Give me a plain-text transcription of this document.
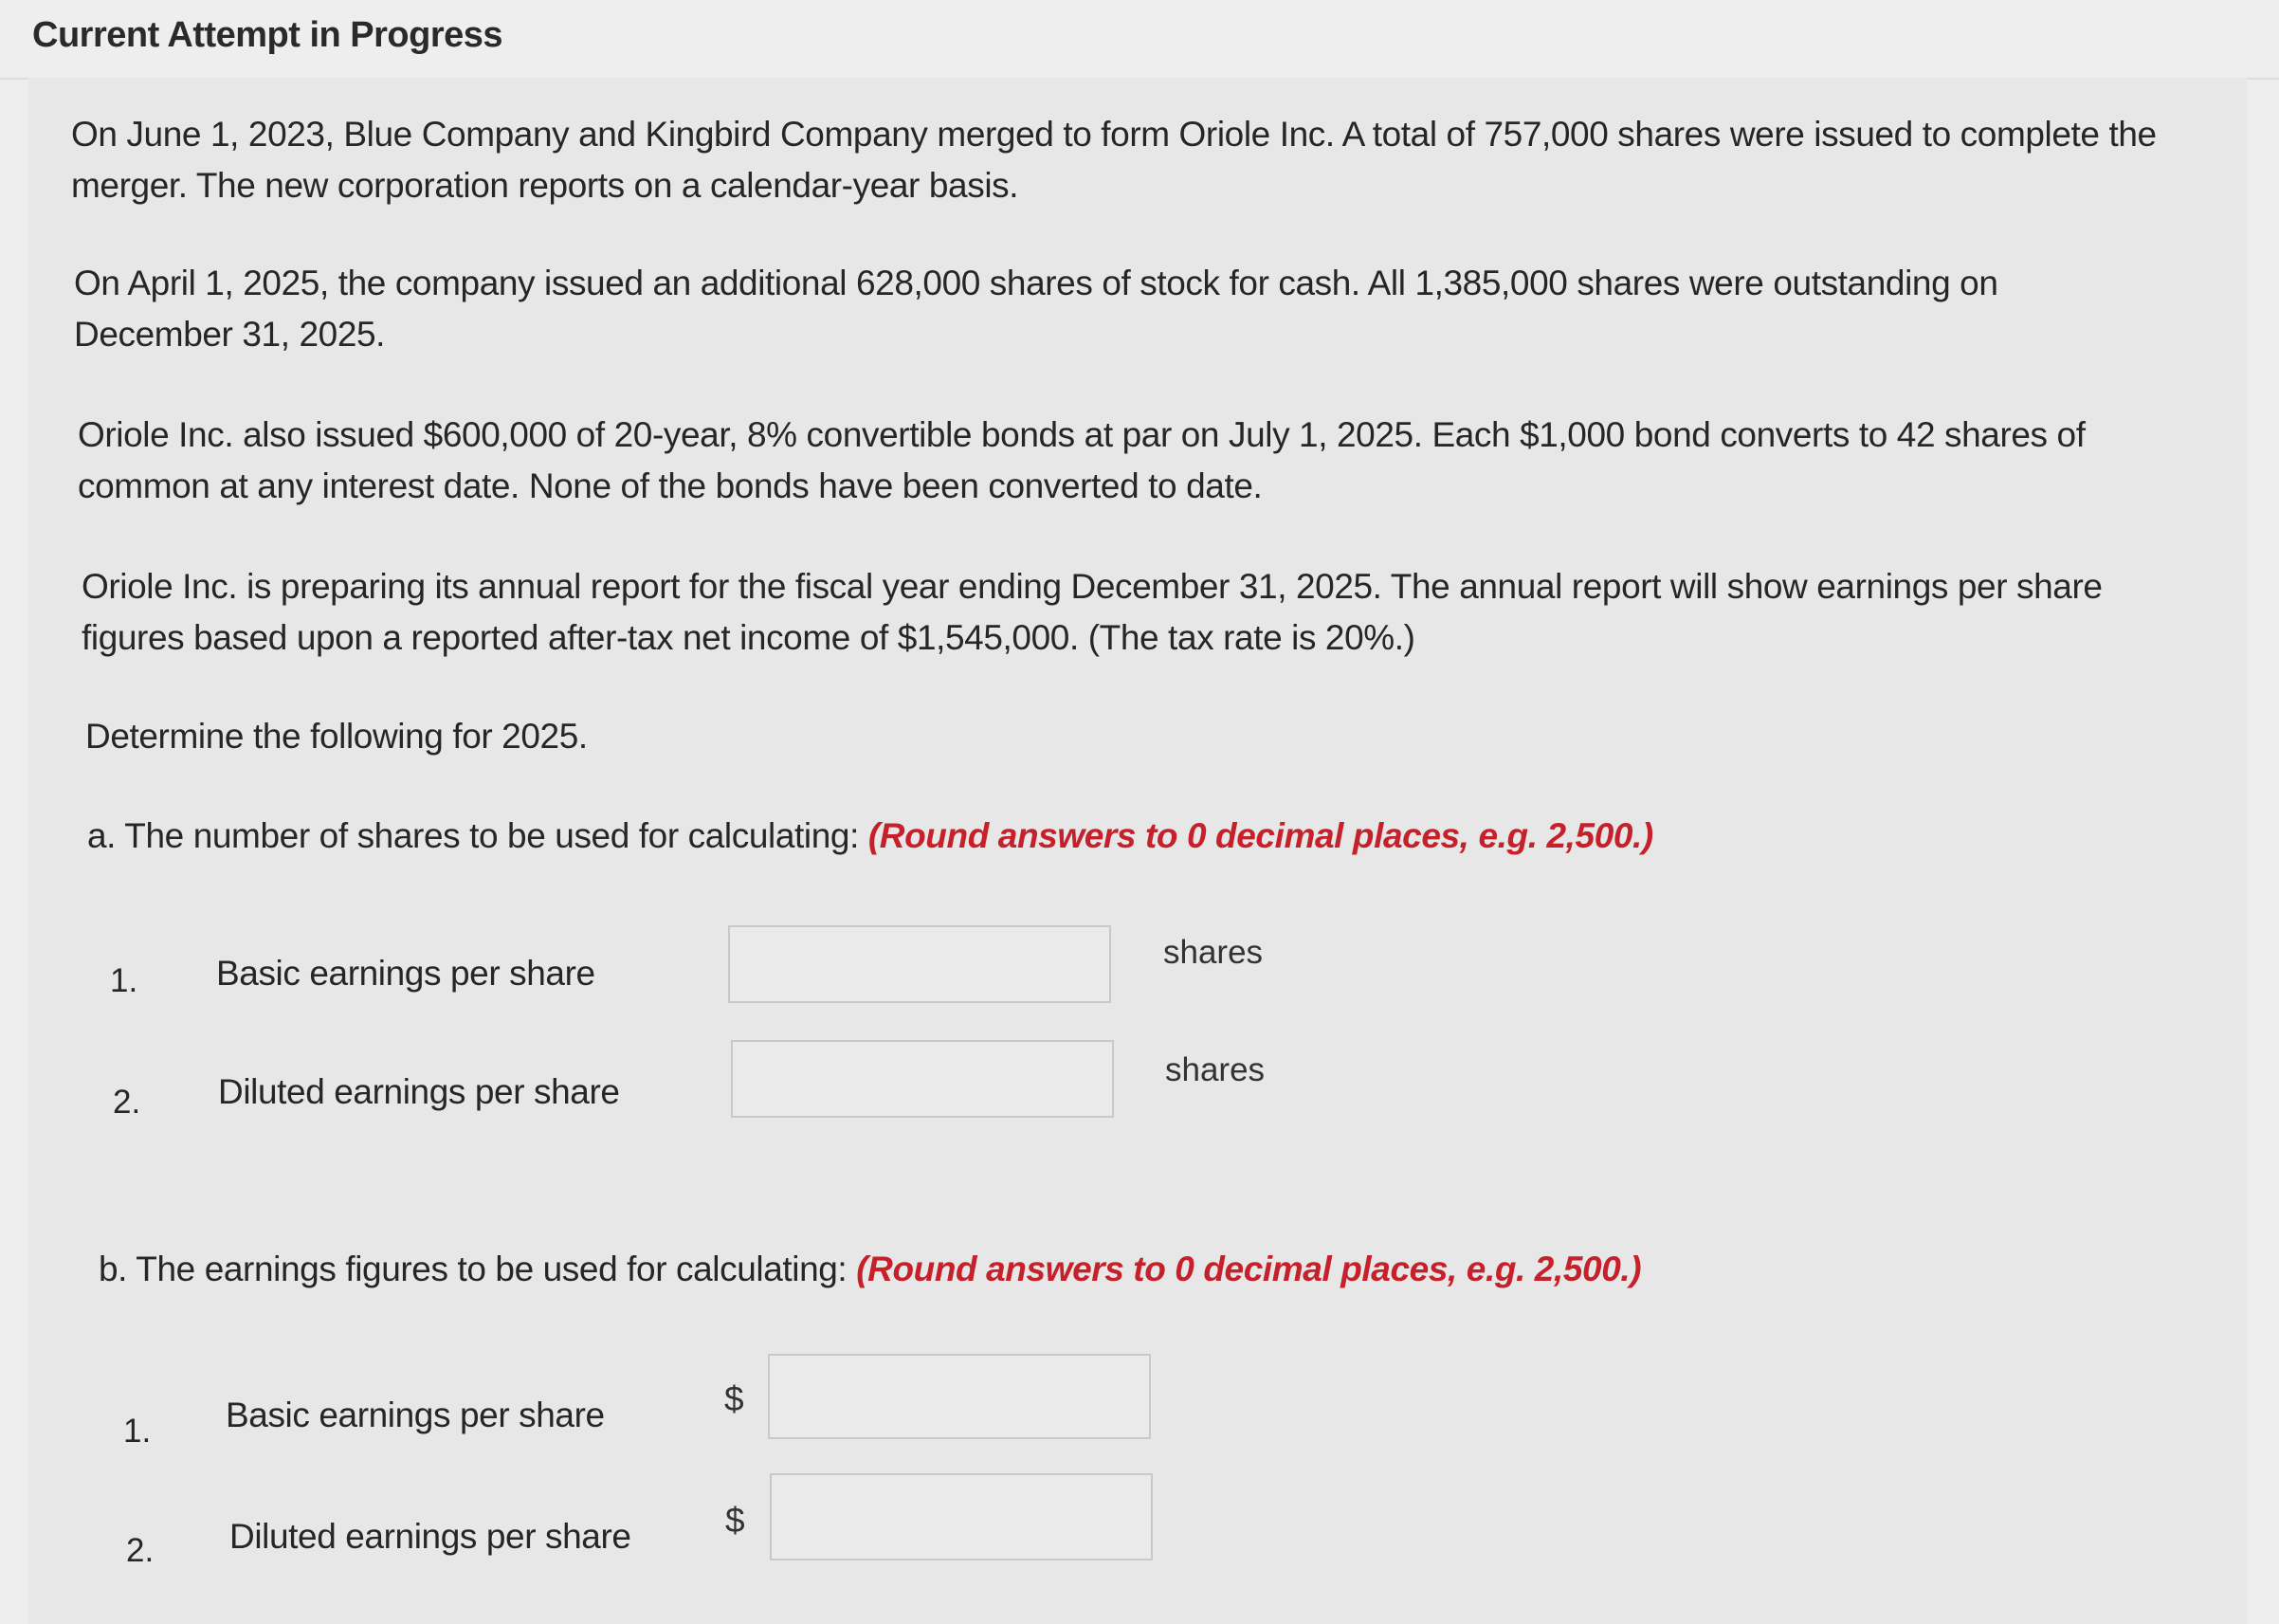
Current Attempt in Progress
On June 1, 2023, Blue Company and Kingbird Company merged to form Oriole Inc. A total of 757,000 shares were issued to complete the merger. The new corporation reports on a calendar-year basis.
On April 1, 2025, the company issued an additional 628,000 shares of stock for cash. All 1,385,000 shares were outstanding on December 31, 2025.
Oriole Inc. also issued $600,000 of 20-year, 8% convertible bonds at par on July 1, 2025. Each $1,000 bond converts to 42 shares of common at any interest date. None of the bonds have been converted to date.
Oriole Inc. is preparing its annual report for the fiscal year ending December 31, 2025. The annual report will show earnings per share figures based upon a reported after-tax net income of $1,545,000. (The tax rate is 20%.)
Determine the following for 2025.
a. The number of shares to be used for calculating: (Round answers to 0 decimal places, e.g. 2,500.)
1. Basic earnings per share
shares
2. Diluted earnings per share
shares
b. The earnings figures to be used for calculating: (Round answers to 0 decimal places, e.g. 2,500.)
1. Basic earnings per share	$
2. Diluted earnings per share	$
